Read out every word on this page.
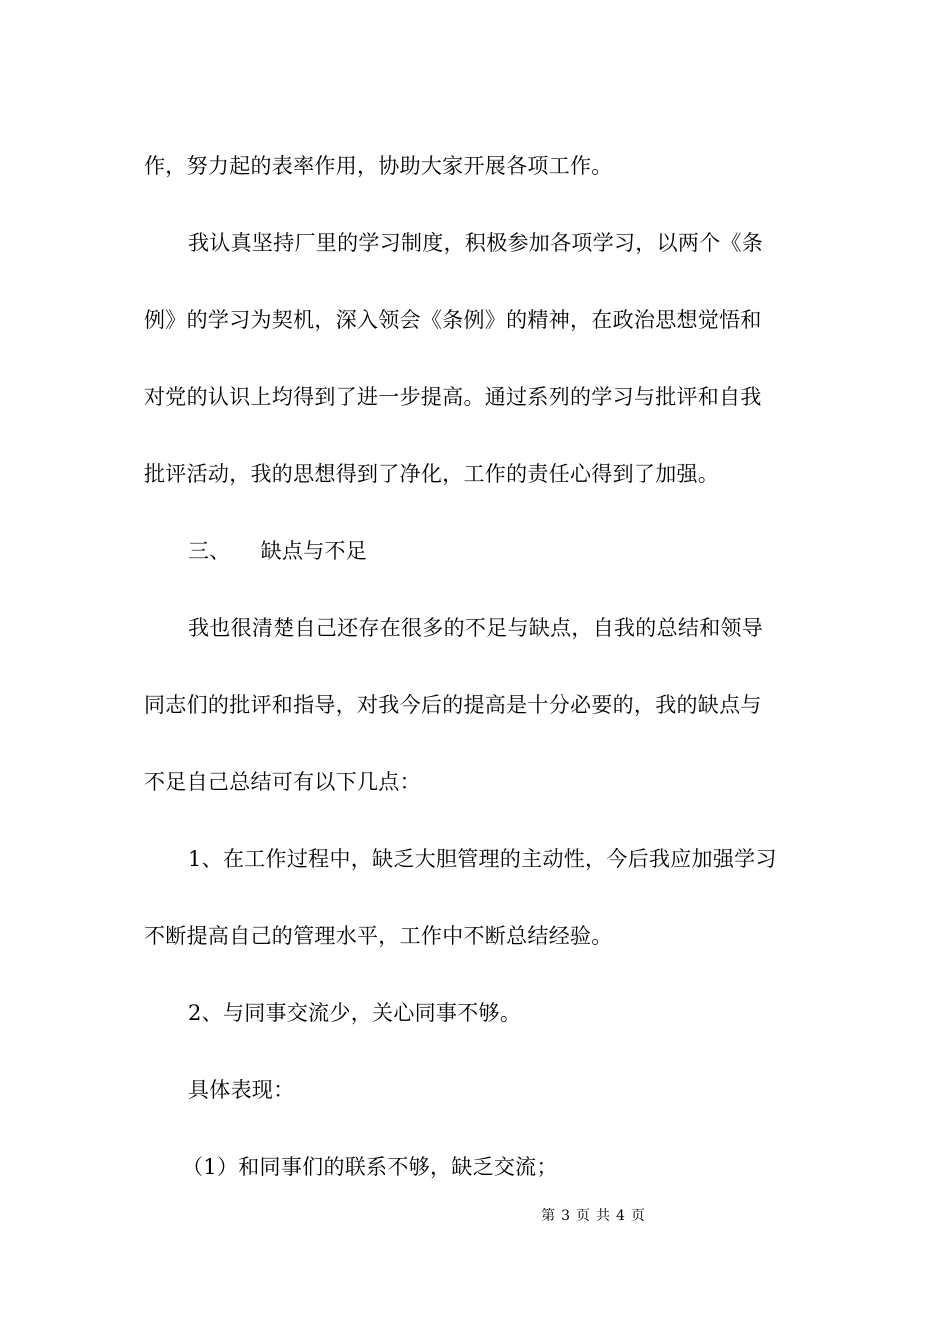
作，努力起的表率作用，协助大家开展各项工作。
我认真坚持厂里的学习制度，积极参加各项学习，以两个《条
例》的学习为契机，深入领会《条例》的精神，在政治思想觉悟和
对党的认识上均得到了进一步提高。通过系列的学习与批评和自我
批评活动，我的思想得到了净化，工作的责任心得到了加强。
三、 缺点与不足
我也很清楚自己还存在很多的不足与缺点，自我的总结和领导
同志们的批评和指导，对我今后的提高是十分必要的，我的缺点与
不足自己总结可有以下几点：
1、在工作过程中，缺乏大胆管理的主动性，今后我应加强学习
不断提高自己的管理水平，工作中不断总结经验。
2、与同事交流少，关心同事不够。
具体表现：
（1）和同事们的联系不够，缺乏交流；
第 3 页 共 4 页
